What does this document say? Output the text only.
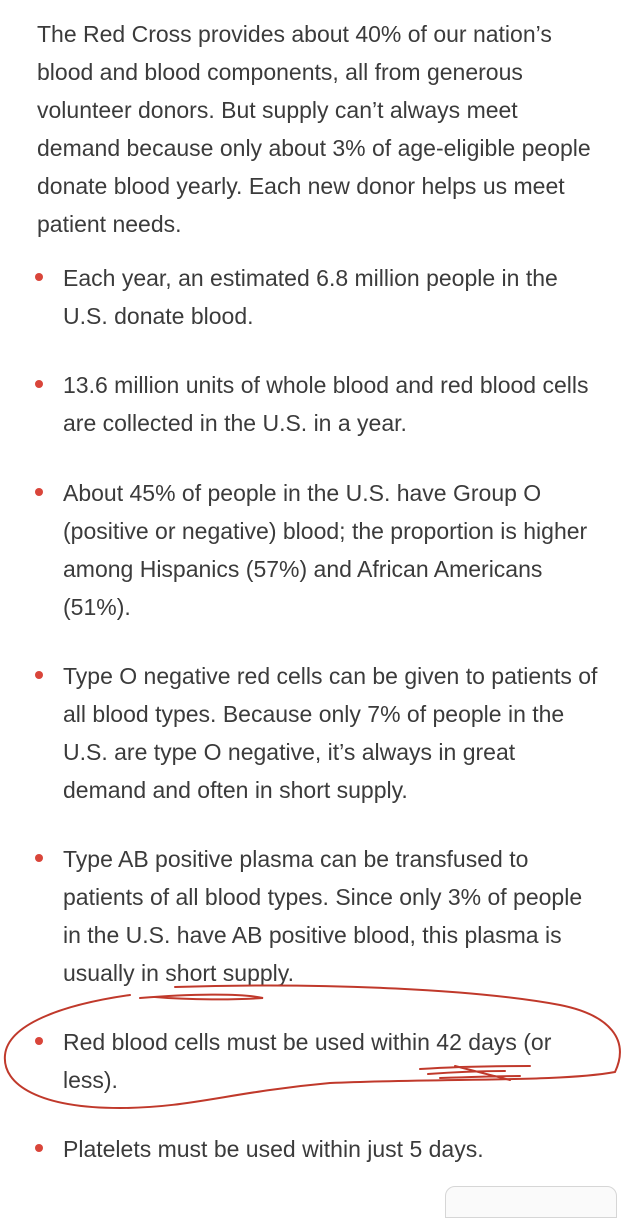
The Red Cross provides about 40% of our nation’s blood and blood components, all from generous volunteer donors. But supply can’t always meet demand because only about 3% of age-eligible people donate blood yearly. Each new donor helps us meet patient needs.

Each year, an estimated 6.8 million people in the U.S. donate blood.
13.6 million units of whole blood and red blood cells are collected in the U.S. in a year.
About 45% of people in the U.S. have Group O (positive or negative) blood; the proportion is higher among Hispanics (57%) and African Americans (51%).
Type O negative red cells can be given to patients of all blood types. Because only 7% of people in the U.S. are type O negative, it’s always in great demand and often in short supply.
Type AB positive plasma can be transfused to patients of all blood types. Since only 3% of people in the U.S. have AB positive blood, this plasma is usually in short supply.
Red blood cells must be used within 42 days (or less).
Platelets must be used within just 5 days.
